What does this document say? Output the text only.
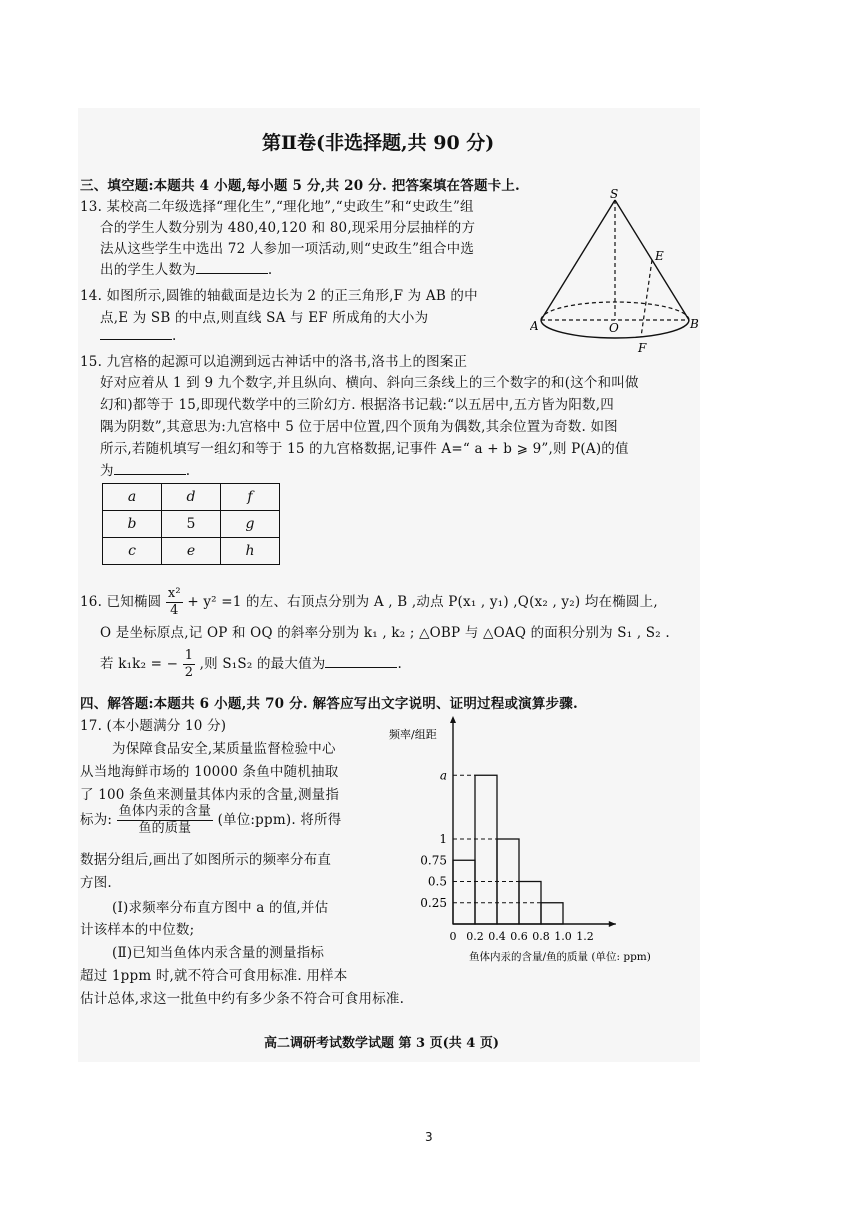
第Ⅱ卷(非选择题,共 90 分)
三、填空题:本题共 4 小题,每小题 5 分,共 20 分. 把答案填在答题卡上.
13. 某校高二年级选择“理化生”,“理化地”,“史政生”和“史政生”组
合的学生人数分别为 480,40,120 和 80,现采用分层抽样的方
法从这些学生中选出 72 人参加一项活动,则“史政生”组合中选
出的学生人数为	.
14. 如图所示,圆锥的轴截面是边长为 2 的正三角形,F 为 AB 的中
点,E 为 SB 的中点,则直线 SA 与 EF 所成角的大小为
.
S
E
A	O	B
F
15. 九宫格的起源可以追溯到远古神话中的洛书,洛书上的图案正
好对应着从 1 到 9 九个数字,并且纵向、横向、斜向三条线上的三个数字的和(这个和叫做
幻和)都等于 15,即现代数学中的三阶幻方. 根据洛书记载:“以五居中,五方皆为阳数,四
隅为阴数”,其意思为:九宫格中 5 位于居中位置,四个顶角为偶数,其余位置为奇数. 如图
所示,若随机填写一组幻和等于 15 的九宫格数据,记事件 A=“ a + b ⩾ 9”,则 P(A)的值
为	.
a	d	f
b	5	g
c	e	h
16. 已知椭圆 $\frac{\text{x²}}{4} + y^2 =1$ 的左、右顶点分别为 A , B ,动点 P(x₁ , y₁) ,Q(x₂ , y₂) 均在椭圆上,
O 是坐标原点,记 OP 和 OQ 的斜率分别为 k₁ , k₂ ; △OBP 与 △OAQ 的面积分别为 S₁ , S₂ .
若 k₁k₂ = − $\frac{1}{2}$ ,则 S₁S₂ 的最大值为	.
四、解答题:本题共 6 小题,共 70 分. 解答应写出文字说明、证明过程或演算步骤.
17. (本小题满分 10 分)
为保障食品安全,某质量监督检验中心
从当地海鲜市场的 10000 条鱼中随机抽取
了 100 条鱼来测量其体内汞的含量,测量指
标为: $\frac{\text{鱼体内汞的含量}}{\text{鱼的质量}}$ (单位:ppm). 将所得
数据分组后,画出了如图所示的频率分布直
方图.
(Ⅰ)求频率分布直方图中 a 的值,并估
计该样本的中位数;
(Ⅱ)已知当鱼体内汞含量的测量指标
超过 1ppm 时,就不符合可食用标准. 用样本
估计总体,求这一批鱼中约有多少条不符合可食用标准.
0.25
0.5
0.75
1
a
0 0.2 0.4 0.6 0.8 1.0 1.2
频率/组距
鱼体内汞的含量/鱼的质量 (单位: ppm)
高二调研考试数学试题 第 3 页(共 4 页)
3
